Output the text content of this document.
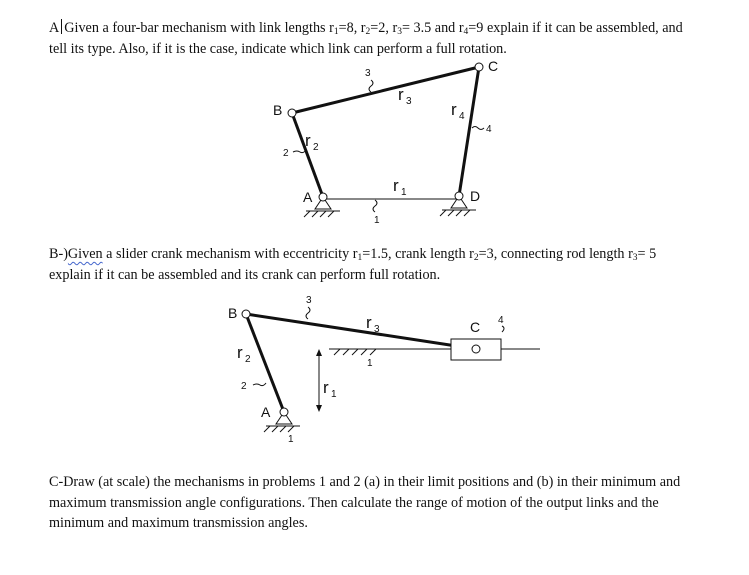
A Given a four-bar mechanism with link lengths $r_1=8$, $r_2=2$, $r_3= 3.5$ and $r_4=9$ explain if it can be assembled, and
tell its type. Also, if it is the case, indicate which link can perform a full rotation.
B-)Given a slider crank mechanism with eccentricity $r_1=1.5$, crank length $r_2=3$, connecting rod length $r_3= 5$
explain if it can be assembled and its crank can perform full rotation.
C-Draw (at scale) the mechanisms in problems 1 and 2 (a) in their limit positions and (b) in their minimum and
maximum transmission angle configurations. Then calculate the range of motion of the output links and the
minimum and maximum transmission angles.
B
A
C
D
r 3 r 4
r 2
r 1
3
2
4
1
B
A
C
r 3
r 2
r 1
3
4
2
1
1
